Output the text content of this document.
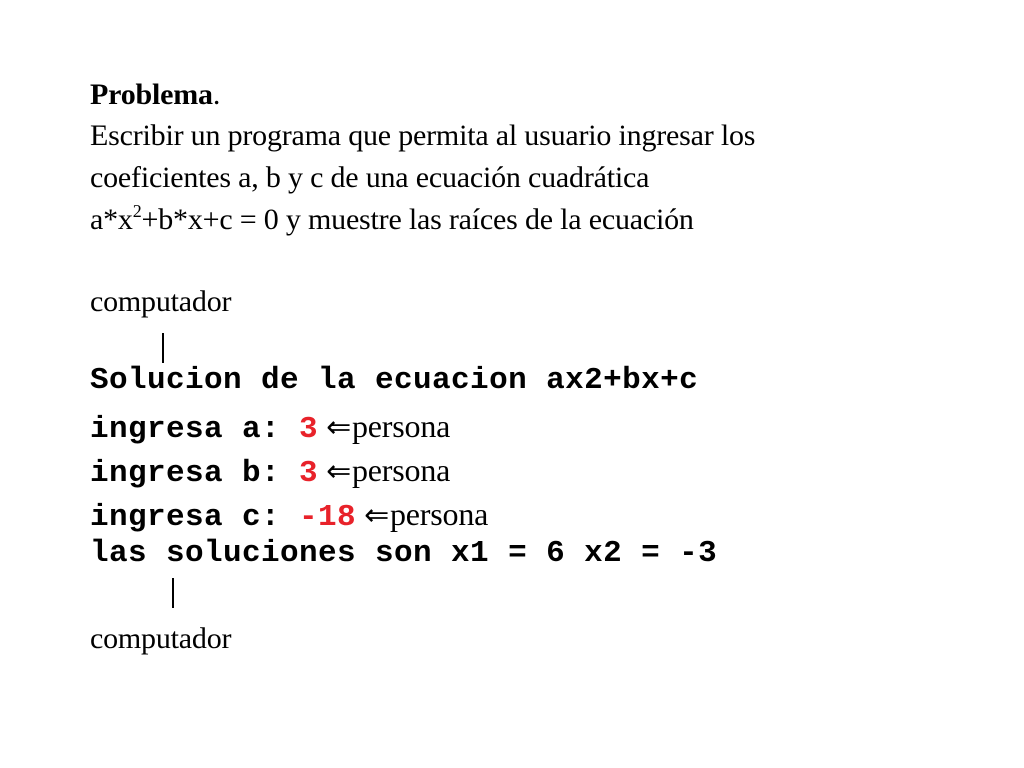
Problema.
Escribir un programa que permita al usuario ingresar los
coeficientes a, b y c de una ecuación cuadrática
$a*x^2+b*x+c = 0$ y muestre las raíces de la ecuación
computador
Solucion de la ecuacion ax2+bx+c
ingresa a: 3 ⇐persona
ingresa b: 3 ⇐persona
ingresa c: -18 ⇐persona
las soluciones son x1 = 6 x2 = -3
computador
